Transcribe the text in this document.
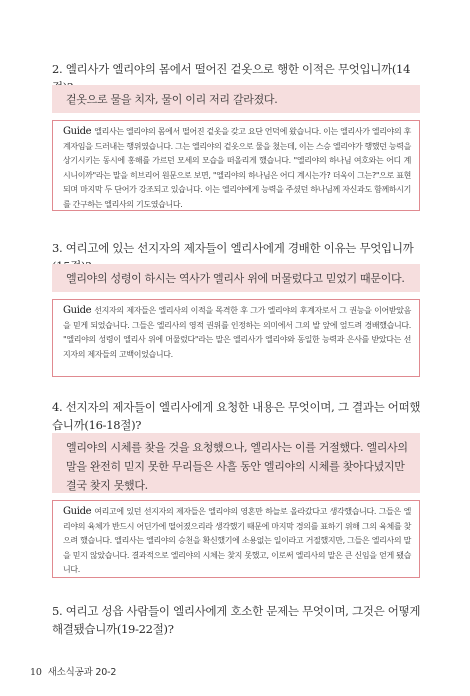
2. 엘리사가 엘리야의 몸에서 떨어진 겉옷으로 행한 이적은 무엇입니까(14
겉옷으로 물을 치자, 물이 이리 저리 갈라졌다.
Guide 엘리사는 엘리야의 몸에서 떨어진 겉옷을 갖고 요단 언덕에 왔습니다. 이는 엘리사가 엘리야의 후계자임을 드러내는 행위였습니다. 그는 엘리야의 겉옷으로 물을 쳤는데, 이는 스승 엘리야가 행했던 능력을 상기시키는 동시에 홍해를 가르던 모세의 모습을 떠올리게 했습니다. "엘리야의 하나님 여호와는 어디 계시니이까"라는 말을 히브리어 원문으로 보면, "엘리야의 하나님은 어디 계시는가? 더욱이 그는?"으로 표현되며 마지막 두 단어가 강조되고 있습니다. 이는 엘리야에게 능력을 주셨던 하나님께 자신과도 함께하시기를 간구하는 엘리사의 기도였습니다.
3. 여리고에 있는 선지자의 제자들이 엘리사에게 경배한 이유는 무엇입니까
엘리야의 성령이 하시는 역사가 엘리사 위에 머물렀다고 믿었기 때문이다.
Guide 선지자의 제자들은 엘리사의 이적을 목격한 후 그가 엘리야의 후계자로서 그 권능을 이어받았음을 믿게 되었습니다. 그들은 엘리사의 영적 권위를 인정하는 의미에서 그의 발 앞에 엎드려 경배했습니다. "엘리야의 성령이 엘리사 위에 머물렀다"라는 말은 엘리사가 엘리야와 동일한 능력과 은사를 받았다는 선지자의 제자들의 고백이었습니다.
4. 선지자의 제자들이 엘리사에게 요청한 내용은 무엇이며, 그 결과는 어떠했습니까(16-18절)?
엘리야의 시체를 찾을 것을 요청했으나, 엘리사는 이를 거절했다. 엘리사의 말을 완전히 믿지 못한 무리들은 사흘 동안 엘리야의 시체를 찾아다녔지만 결국 찾지 못했다.
Guide 여리고에 있던 선지자의 제자들은 엘리야의 영혼만 하늘로 올라갔다고 생각했습니다. 그들은 엘리야의 육체가 반드시 어딘가에 떨어졌으리라 생각했기 때문에 마지막 경의를 표하기 위해 그의 육체를 찾으려 했습니다. 엘리사는 엘리야의 승천을 확신했기에 소용없는 일이라고 거절했지만, 그들은 엘리사의 말을 믿지 않았습니다. 결과적으로 엘리야의 시체는 찾지 못했고, 이로써 엘리사의 말은 큰 신임을 얻게 됐습니다.
5. 여리고 성읍 사람들이 엘리사에게 호소한 문제는 무엇이며, 그것은 어떻게 해결됐습니까(19-22절)?
10 새소식공과 20-2
